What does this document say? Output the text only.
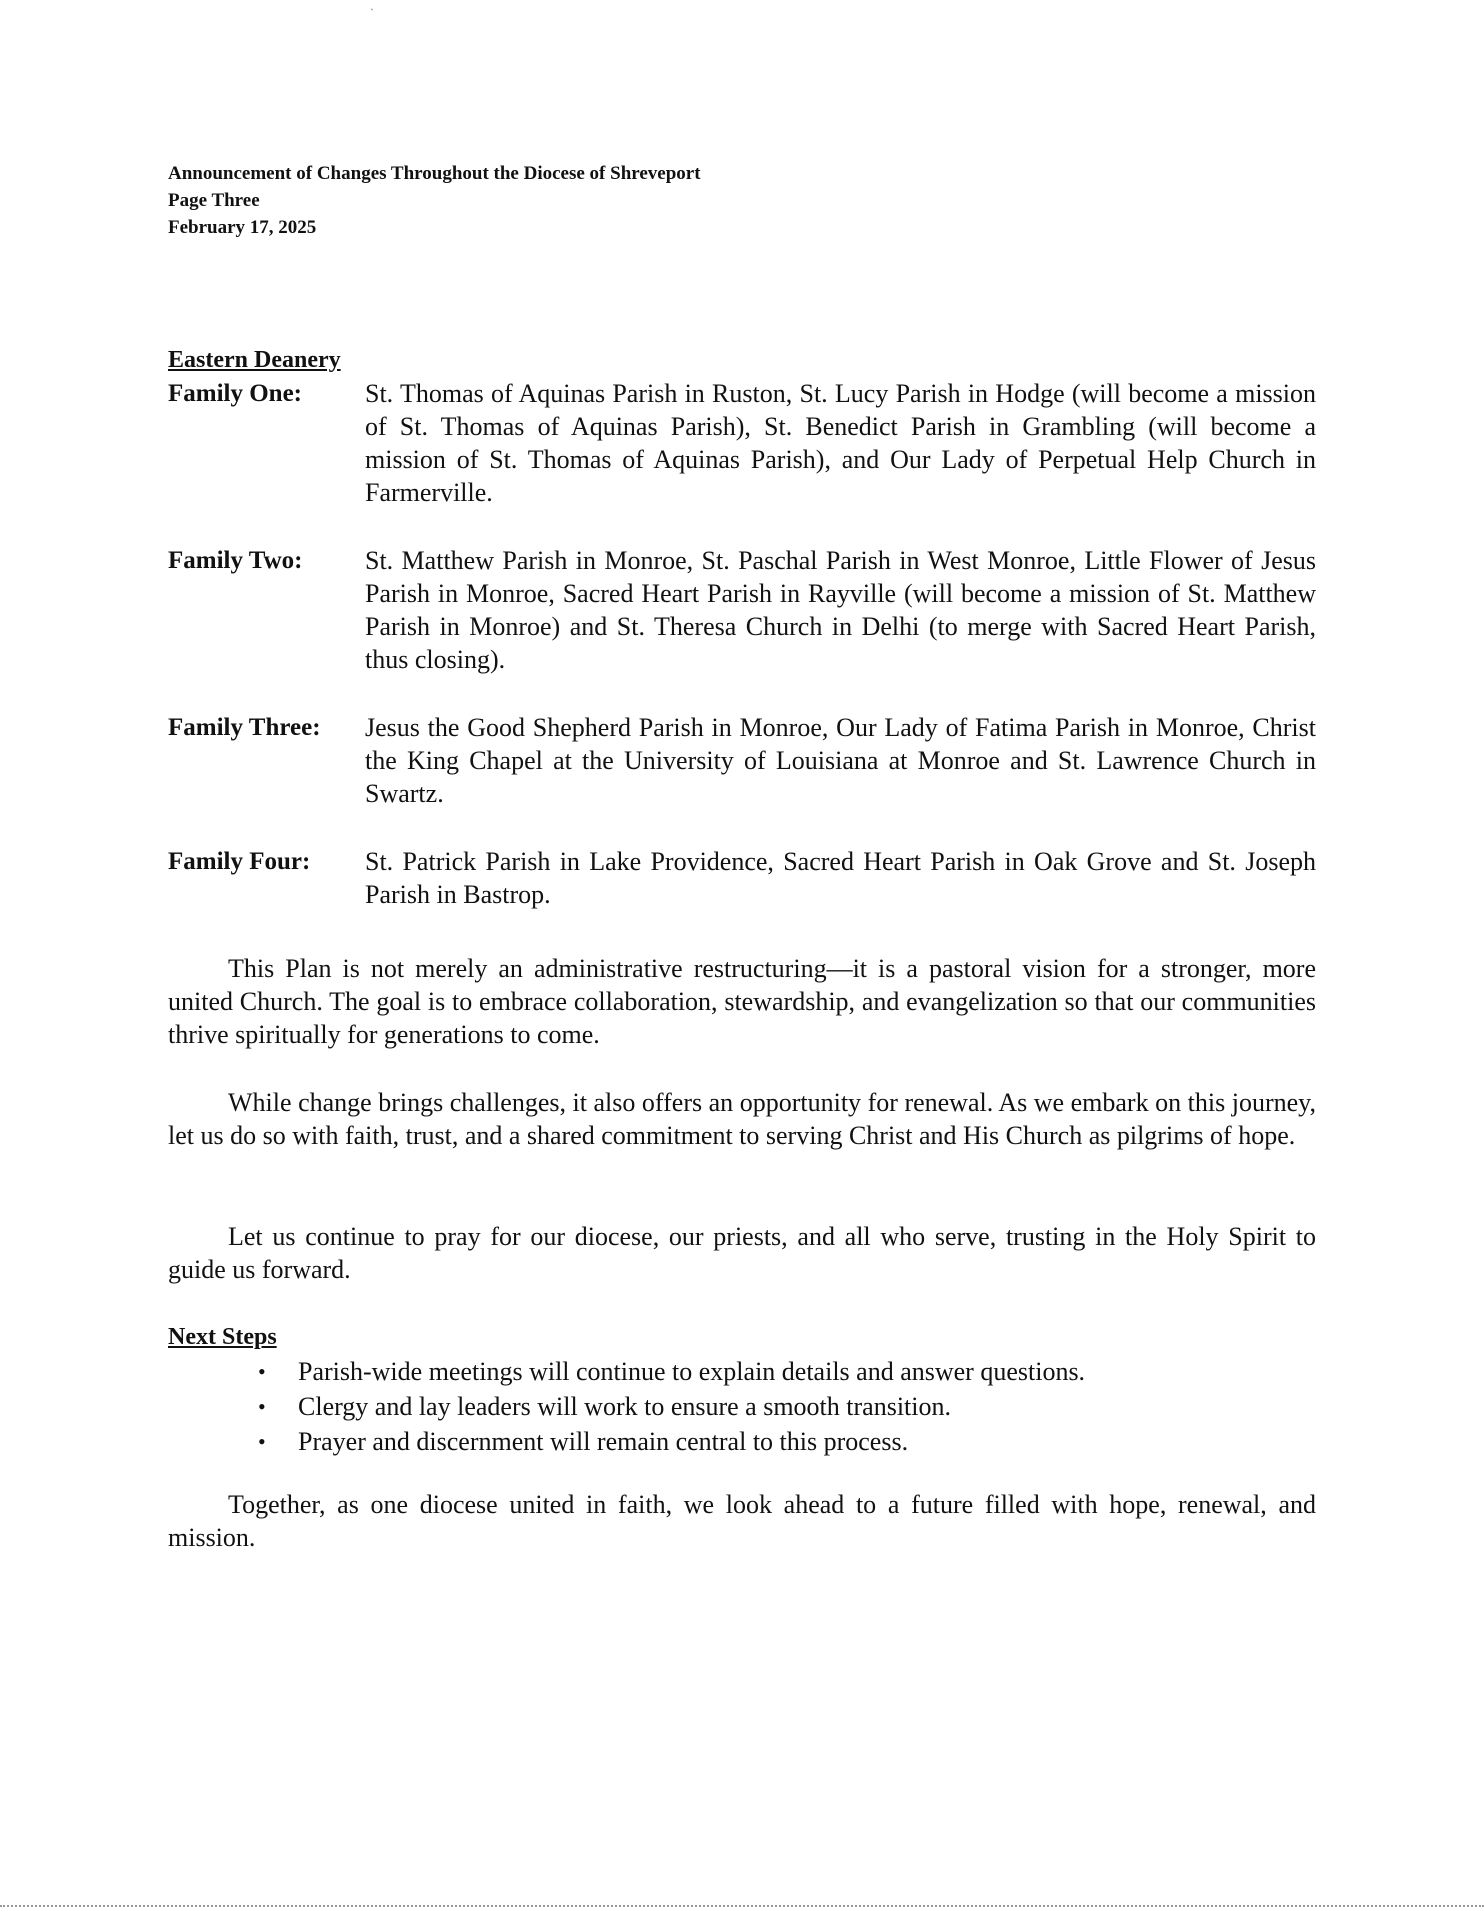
`
Announcement of Changes Throughout the Diocese of Shreveport
Page Three
February 17, 2025
Eastern Deanery
Family One:	St. Thomas of Aquinas Parish in Ruston, St. Lucy Parish in Hodge (will become a mission of St. Thomas of Aquinas Parish), St. Benedict Parish in Grambling (will become a mission of St. Thomas of Aquinas Parish), and Our Lady of Perpetual Help Church in Farmerville.
Family Two:	St. Matthew Parish in Monroe, St. Paschal Parish in West Monroe, Little Flower of Jesus Parish in Monroe, Sacred Heart Parish in Rayville (will become a mission of St. Matthew Parish in Monroe) and St. Theresa Church in Delhi (to merge with Sacred Heart Parish, thus closing).
Family Three:	Jesus the Good Shepherd Parish in Monroe, Our Lady of Fatima Parish in Monroe, Christ the King Chapel at the University of Louisiana at Monroe and St. Lawrence Church in Swartz.
Family Four:	St. Patrick Parish in Lake Providence, Sacred Heart Parish in Oak Grove and St. Joseph Parish in Bastrop.
This Plan is not merely an administrative restructuring—it is a pastoral vision for a stronger, more united Church. The goal is to embrace collaboration, stewardship, and evangelization so that our communities thrive spiritually for generations to come.
While change brings challenges, it also offers an opportunity for renewal. As we embark on this journey, let us do so with faith, trust, and a shared commitment to serving Christ and His Church as pilgrims of hope.
Let us continue to pray for our diocese, our priests, and all who serve, trusting in the Holy Spirit to guide us forward.
Next Steps
• Parish-wide meetings will continue to explain details and answer questions.
• Clergy and lay leaders will work to ensure a smooth transition.
• Prayer and discernment will remain central to this process.
Together, as one diocese united in faith, we look ahead to a future filled with hope, renewal, and mission.
